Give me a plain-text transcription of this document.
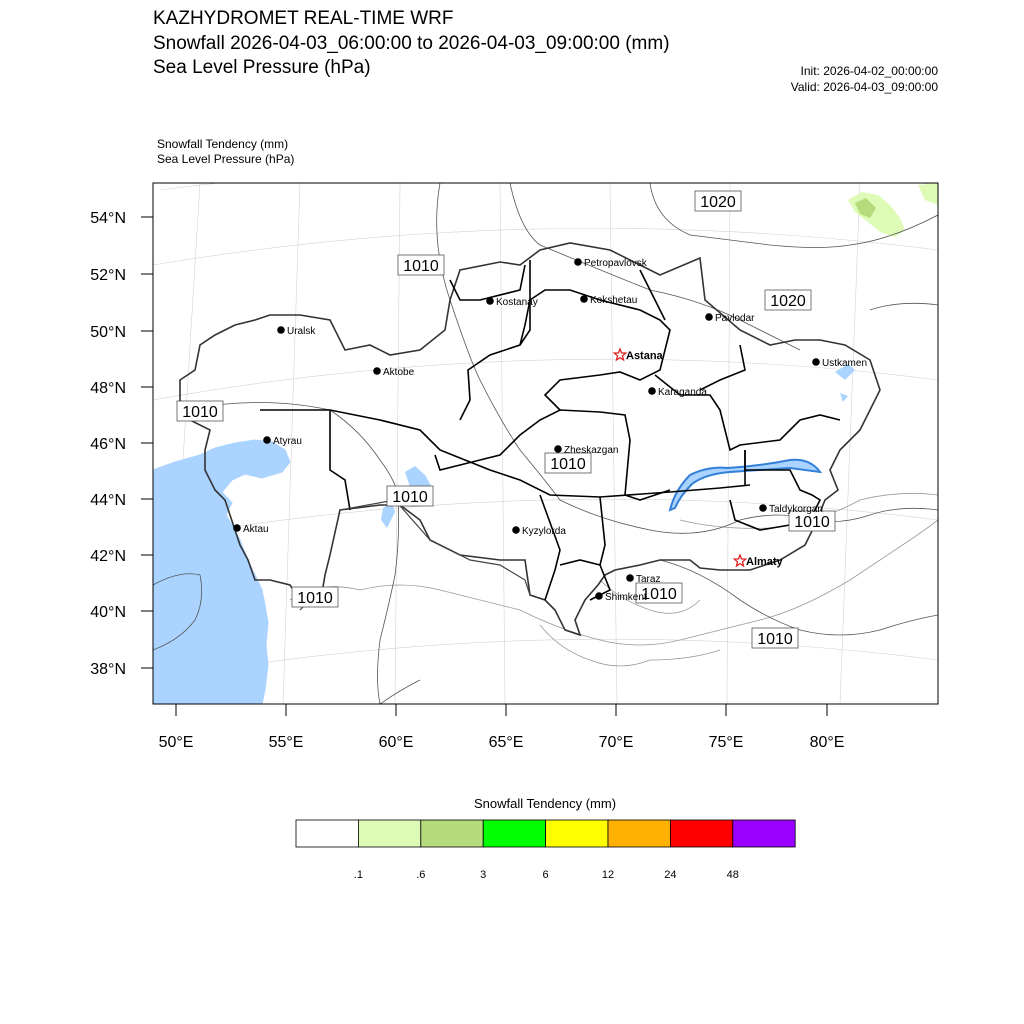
KAZHYDROMET REAL-TIME WRF
Snowfall 2026-04-03_06:00:00 to 2026-04-03_09:00:00 (mm)
Sea Level Pressure (hPa)	Init: 2026-04-02_00:00:00
Valid: 2026-04-03_09:00:00
Snowfall Tendency (mm)
Sea Level Pressure (hPa)
54°N
52°N
50°N
48°N
46°N
44°N
42°N
40°N
38°N
50°E	55°E	60°E	65°E	70°E	75°E	80°E
1020
1010
1020
1010
1010
1010
1010
1010	1010
1010
Petropavlovsk
Kostanay	Kokshetau
Pavlodar
Uralsk
Astana
Ustkamen
Aktobe
Karaganda
Atyrau
Zheskazgan
Aktau	Kyzylorda
Taldykorgan
Almaty
Taraz
Shimkent
.1	.6	3	6	12	24	48
Snowfall Tendency (mm)
